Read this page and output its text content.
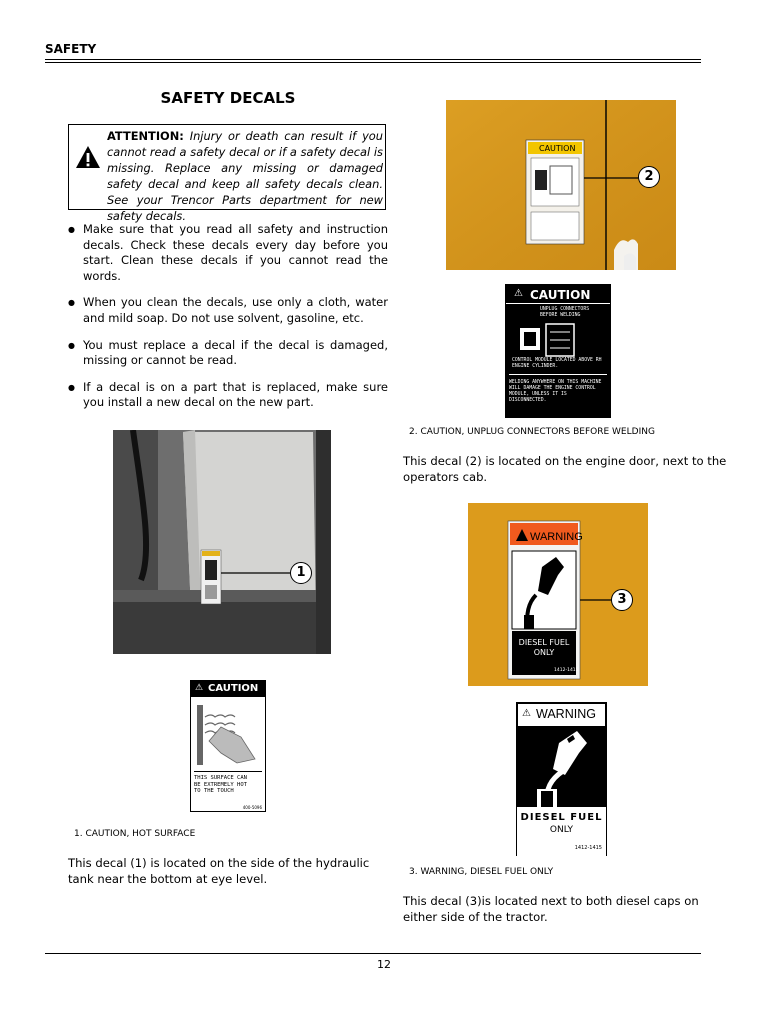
SAFETY
SAFETY DECALS
ATTENTION: Injury or death can result if you cannot read a safety decal or if a safety decal is missing. Replace any missing or damaged safety decal and keep all safety decals clean. See your Trencor Parts department for new safety decals.
● Make sure that you read all safety and instruction decals. Check these decals every day before you start. Clean these decals if you cannot read the words.
● When you clean the decals, use only a cloth, water and mild soap. Do not use solvent, gasoline, etc.
● You must replace a decal if the decal is damaged, missing or cannot be read.
● If a decal is on a part that is replaced, make sure you install a new decal on the new part.
1
⚠ CAUTION
THIS SURFACE CAN BE EXTREMELY HOT TO THE TOUCH
400-5096
1. CAUTION, HOT SURFACE
This decal (1) is located on the side of the hydraulic tank near the bottom at eye level.
CAUTION
2
⚠ CAUTION
UNPLUG CONNECTORS BEFORE WELDING
CONTROL MODULE LOCATED ABOVE RH ENGINE CYLINDER.
WELDING ANYWHERE ON THIS MACHINE WILL DAMAGE THE ENGINE CONTROL MODULE, UNLESS IT IS DISCONNECTED.
2. CAUTION, UNPLUG CONNECTORS BEFORE WELDING
This decal (2) is located on the engine door, next to the operators cab.
WARNING
DIESEL FUEL
ONLY
1412-1415
3
⚠ WARNING
DIESEL FUEL
ONLY
1412-1415
3. WARNING, DIESEL FUEL ONLY
This decal (3)is located next to both diesel caps on either side of the tractor.
12
